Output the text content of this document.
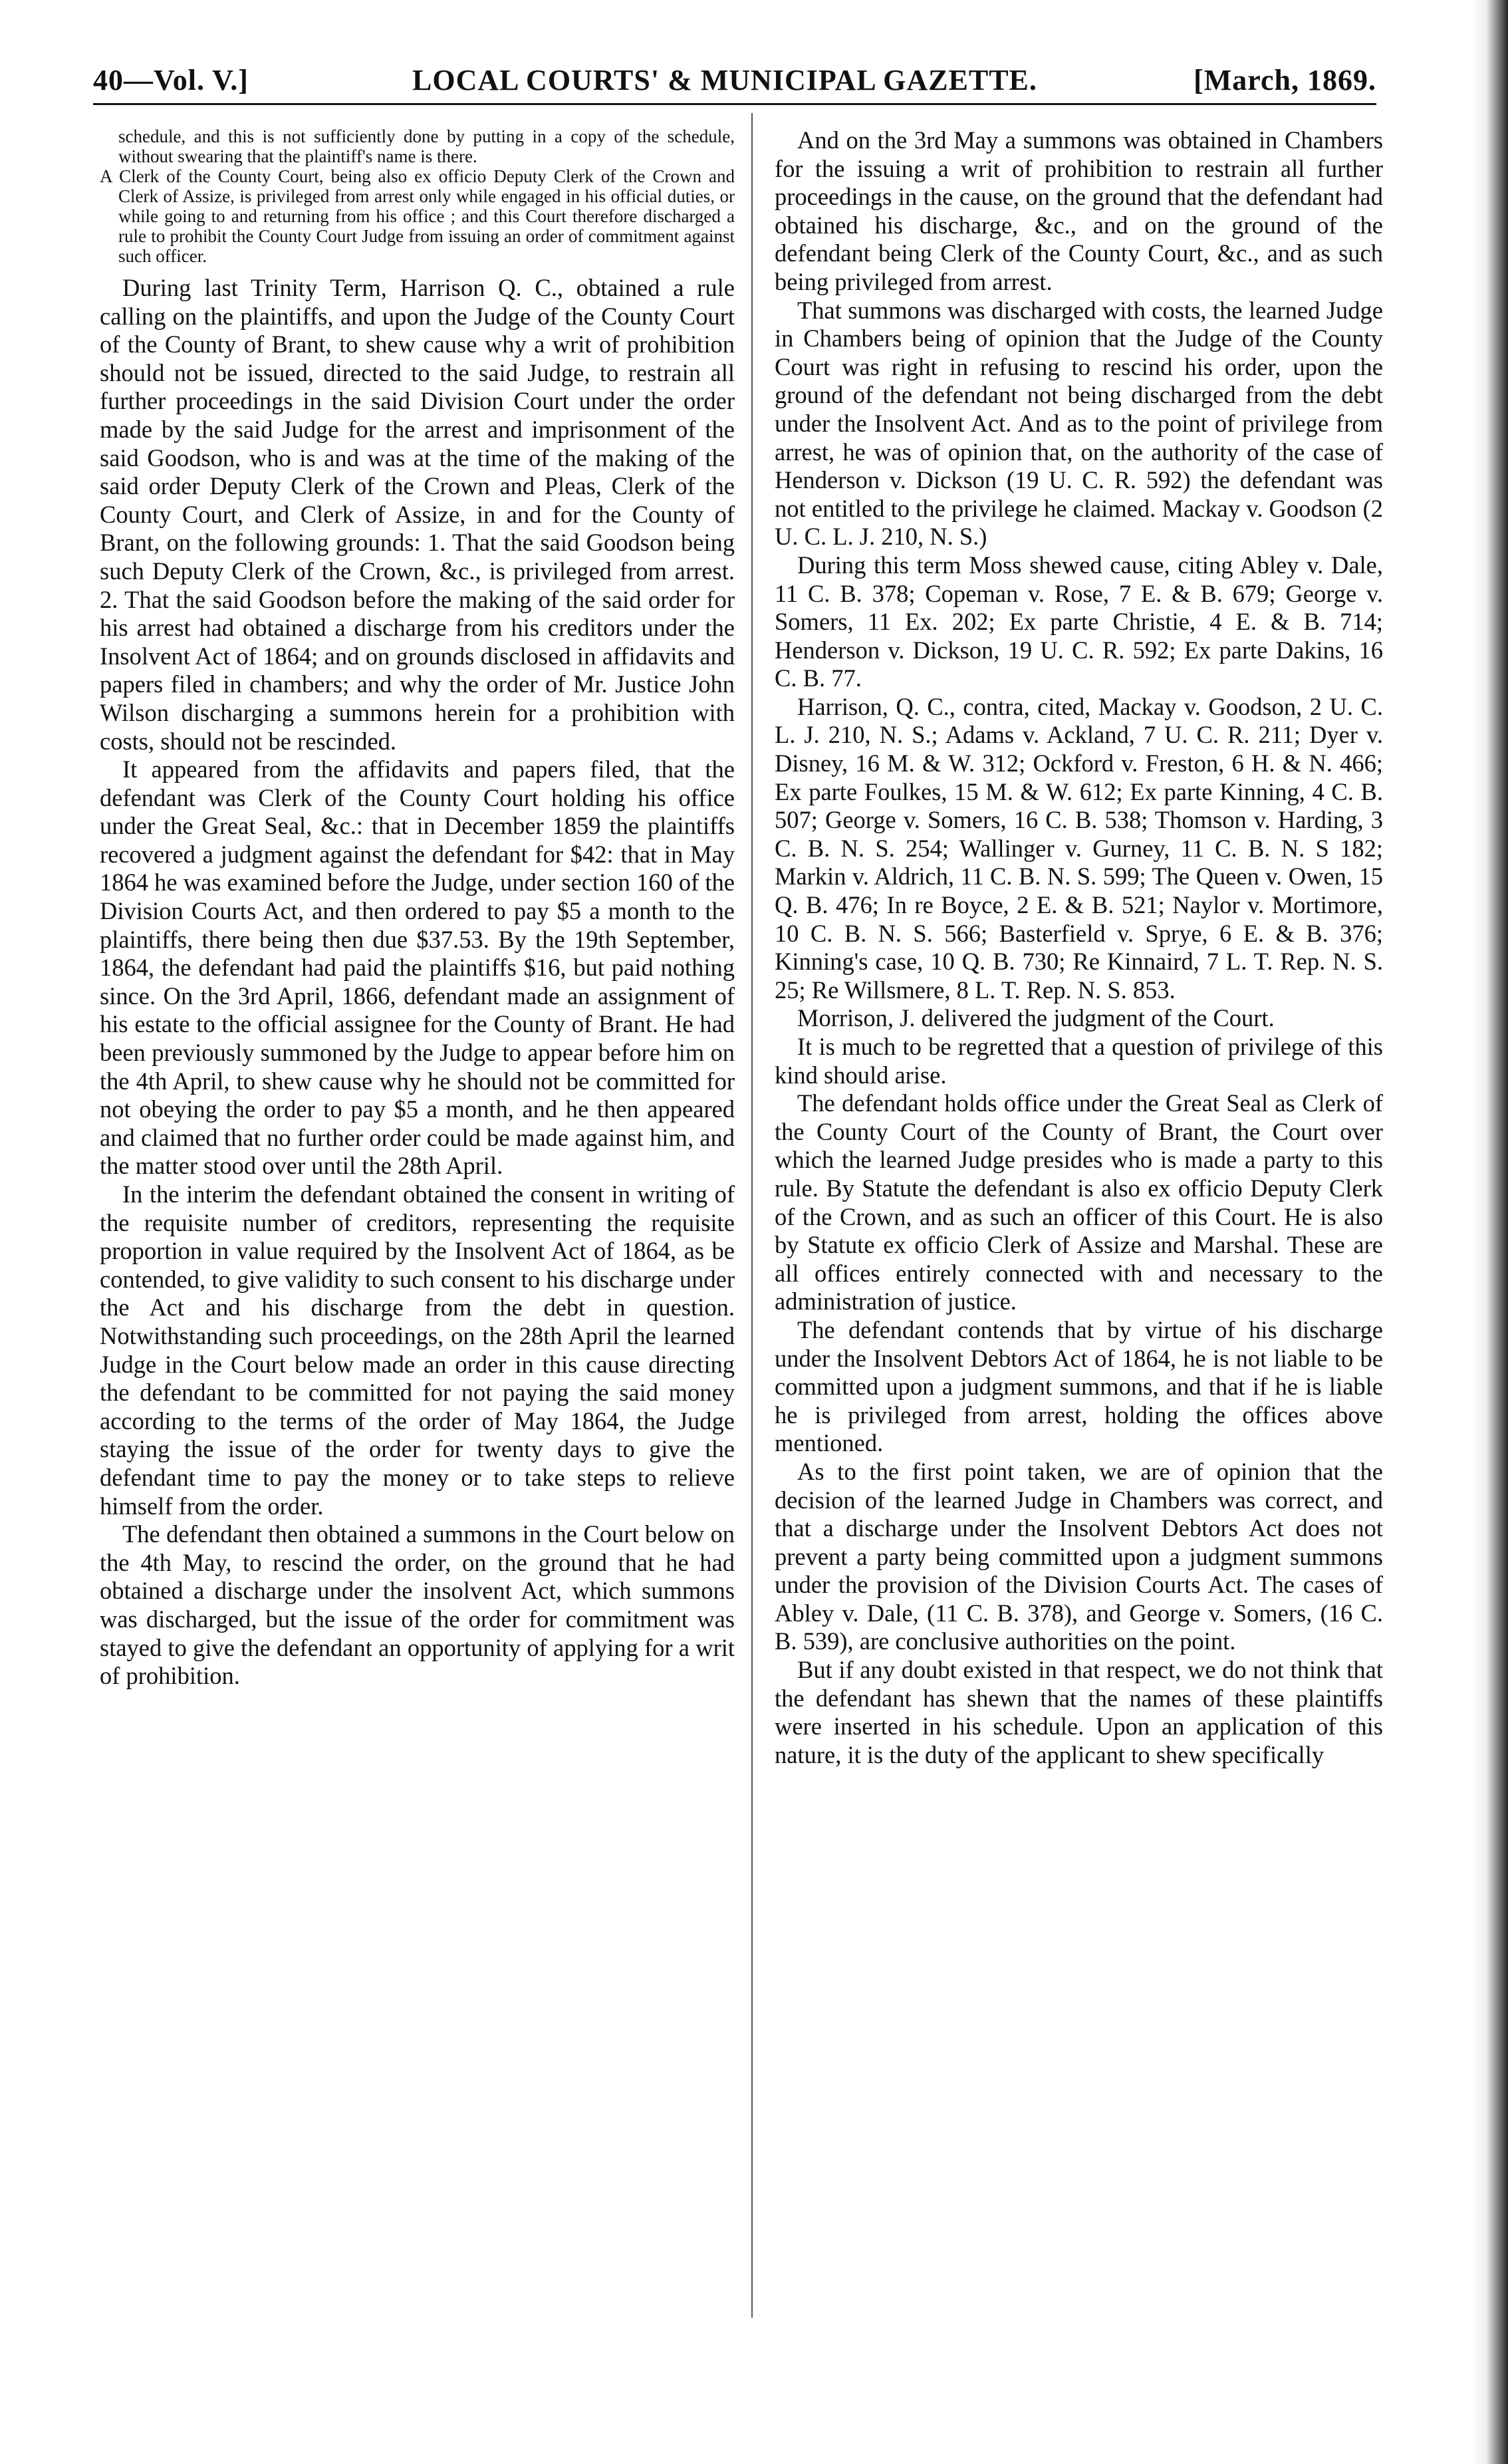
40—Vol. V.]	LOCAL COURTS' & MUNICIPAL GAZETTE.	[March, 1869.

schedule, and this is not sufficiently done by putting in a copy of the schedule, without swearing that the plaintiff's name is there.

A Clerk of the County Court, being also ex officio Deputy Clerk of the Crown and Clerk of Assize, is privileged from arrest only while engaged in his official duties, or while going to and returning from his office ; and this Court therefore discharged a rule to prohibit the County Court Judge from issuing an order of commitment against such officer.

During last Trinity Term, Harrison Q. C., obtained a rule calling on the plaintiffs, and upon the Judge of the County Court of the County of Brant, to shew cause why a writ of prohibition should not be issued, directed to the said Judge, to restrain all further proceedings in the said Division Court under the order made by the said Judge for the arrest and imprisonment of the said Goodson, who is and was at the time of the making of the said order Deputy Clerk of the Crown and Pleas, Clerk of the County Court, and Clerk of Assize, in and for the County of Brant, on the following grounds: 1. That the said Goodson being such Deputy Clerk of the Crown, &c., is privileged from arrest. 2. That the said Goodson before the making of the said order for his arrest had obtained a discharge from his creditors under the Insolvent Act of 1864; and on grounds disclosed in affidavits and papers filed in chambers; and why the order of Mr. Justice John Wilson discharging a summons herein for a prohibition with costs, should not be rescinded.

It appeared from the affidavits and papers filed, that the defendant was Clerk of the County Court holding his office under the Great Seal, &c.: that in December 1859 the plaintiffs recovered a judgment against the defendant for $42: that in May 1864 he was examined before the Judge, under section 160 of the Division Courts Act, and then ordered to pay $5 a month to the plaintiffs, there being then due $37.53. By the 19th September, 1864, the defendant had paid the plaintiffs $16, but paid nothing since. On the 3rd April, 1866, defendant made an assignment of his estate to the official assignee for the County of Brant. He had been previously summoned by the Judge to appear before him on the 4th April, to shew cause why he should not be committed for not obeying the order to pay $5 a month, and he then appeared and claimed that no further order could be made against him, and the matter stood over until the 28th April.

In the interim the defendant obtained the consent in writing of the requisite number of creditors, representing the requisite proportion in value required by the Insolvent Act of 1864, as be contended, to give validity to such consent to his discharge under the Act and his discharge from the debt in question. Notwithstanding such proceedings, on the 28th April the learned Judge in the Court below made an order in this cause directing the defendant to be committed for not paying the said money according to the terms of the order of May 1864, the Judge staying the issue of the order for twenty days to give the defendant time to pay the money or to take steps to relieve himself from the order.

The defendant then obtained a summons in the Court below on the 4th May, to rescind the order, on the ground that he had obtained a discharge under the insolvent Act, which summons was discharged, but the issue of the order for commitment was stayed to give the defendant an opportunity of applying for a writ of prohibition.

And on the 3rd May a summons was obtained in Chambers for the issuing a writ of prohibition to restrain all further proceedings in the cause, on the ground that the defendant had obtained his discharge, &c., and on the ground of the defendant being Clerk of the County Court, &c., and as such being privileged from arrest.

That summons was discharged with costs, the learned Judge in Chambers being of opinion that the Judge of the County Court was right in refusing to rescind his order, upon the ground of the defendant not being discharged from the debt under the Insolvent Act. And as to the point of privilege from arrest, he was of opinion that, on the authority of the case of Henderson v. Dickson (19 U. C. R. 592) the defendant was not entitled to the privilege he claimed. Mackay v. Goodson (2 U. C. L. J. 210, N. S.)

During this term Moss shewed cause, citing Abley v. Dale, 11 C. B. 378; Copeman v. Rose, 7 E. & B. 679; George v. Somers, 11 Ex. 202; Ex parte Christie, 4 E. & B. 714; Henderson v. Dickson, 19 U. C. R. 592; Ex parte Dakins, 16 C. B. 77.

Harrison, Q. C., contra, cited, Mackay v. Goodson, 2 U. C. L. J. 210, N. S.; Adams v. Ackland, 7 U. C. R. 211; Dyer v. Disney, 16 M. & W. 312; Ockford v. Freston, 6 H. & N. 466; Ex parte Foulkes, 15 M. & W. 612; Ex parte Kinning, 4 C. B. 507; George v. Somers, 16 C. B. 538; Thomson v. Harding, 3 C. B. N. S. 254; Wallinger v. Gurney, 11 C. B. N. S 182; Markin v. Aldrich, 11 C. B. N. S. 599; The Queen v. Owen, 15 Q. B. 476; In re Boyce, 2 E. & B. 521; Naylor v. Mortimore, 10 C. B. N. S. 566; Basterfield v. Sprye, 6 E. & B. 376; Kinning's case, 10 Q. B. 730; Re Kinnaird, 7 L. T. Rep. N. S. 25; Re Willsmere, 8 L. T. Rep. N. S. 853.

Morrison, J. delivered the judgment of the Court.

It is much to be regretted that a question of privilege of this kind should arise.

The defendant holds office under the Great Seal as Clerk of the County Court of the County of Brant, the Court over which the learned Judge presides who is made a party to this rule. By Statute the defendant is also ex officio Deputy Clerk of the Crown, and as such an officer of this Court. He is also by Statute ex officio Clerk of Assize and Marshal. These are all offices entirely connected with and necessary to the administration of justice.

The defendant contends that by virtue of his discharge under the Insolvent Debtors Act of 1864, he is not liable to be committed upon a judgment summons, and that if he is liable he is privileged from arrest, holding the offices above mentioned.

As to the first point taken, we are of opinion that the decision of the learned Judge in Chambers was correct, and that a discharge under the Insolvent Debtors Act does not prevent a party being committed upon a judgment summons under the provision of the Division Courts Act. The cases of Abley v. Dale, (11 C. B. 378), and George v. Somers, (16 C. B. 539), are conclusive authorities on the point.

But if any doubt existed in that respect, we do not think that the defendant has shewn that the names of these plaintiffs were inserted in his schedule. Upon an application of this nature, it is the duty of the applicant to shew specifically
